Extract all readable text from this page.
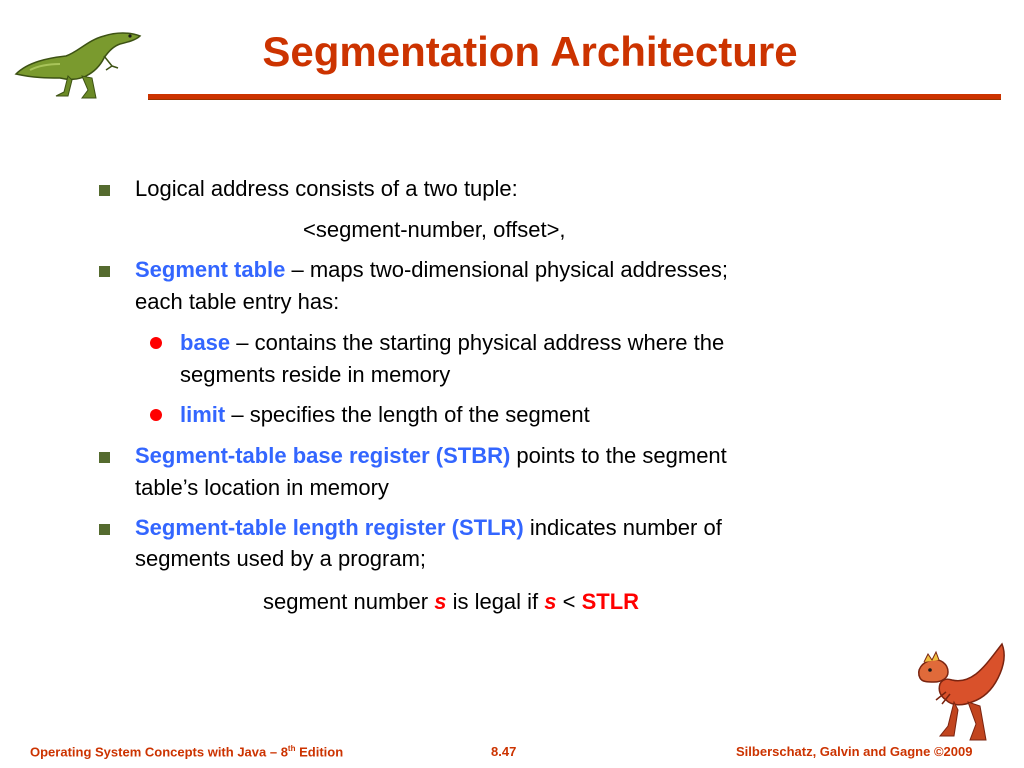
Segmentation Architecture
Logical address consists of a two tuple:
<segment-number, offset>,
Segment table – maps two-dimensional physical addresses;
each table entry has:
base – contains the starting physical address where the
segments reside in memory
limit – specifies the length of the segment
Segment-table base register (STBR) points to the segment
table’s location in memory
Segment-table length register (STLR) indicates number of
segments used by a program;
segment number s is legal if s < STLR
Operating System Concepts with Java – 8th Edition	8.47	Silberschatz, Galvin and Gagne ©2009
